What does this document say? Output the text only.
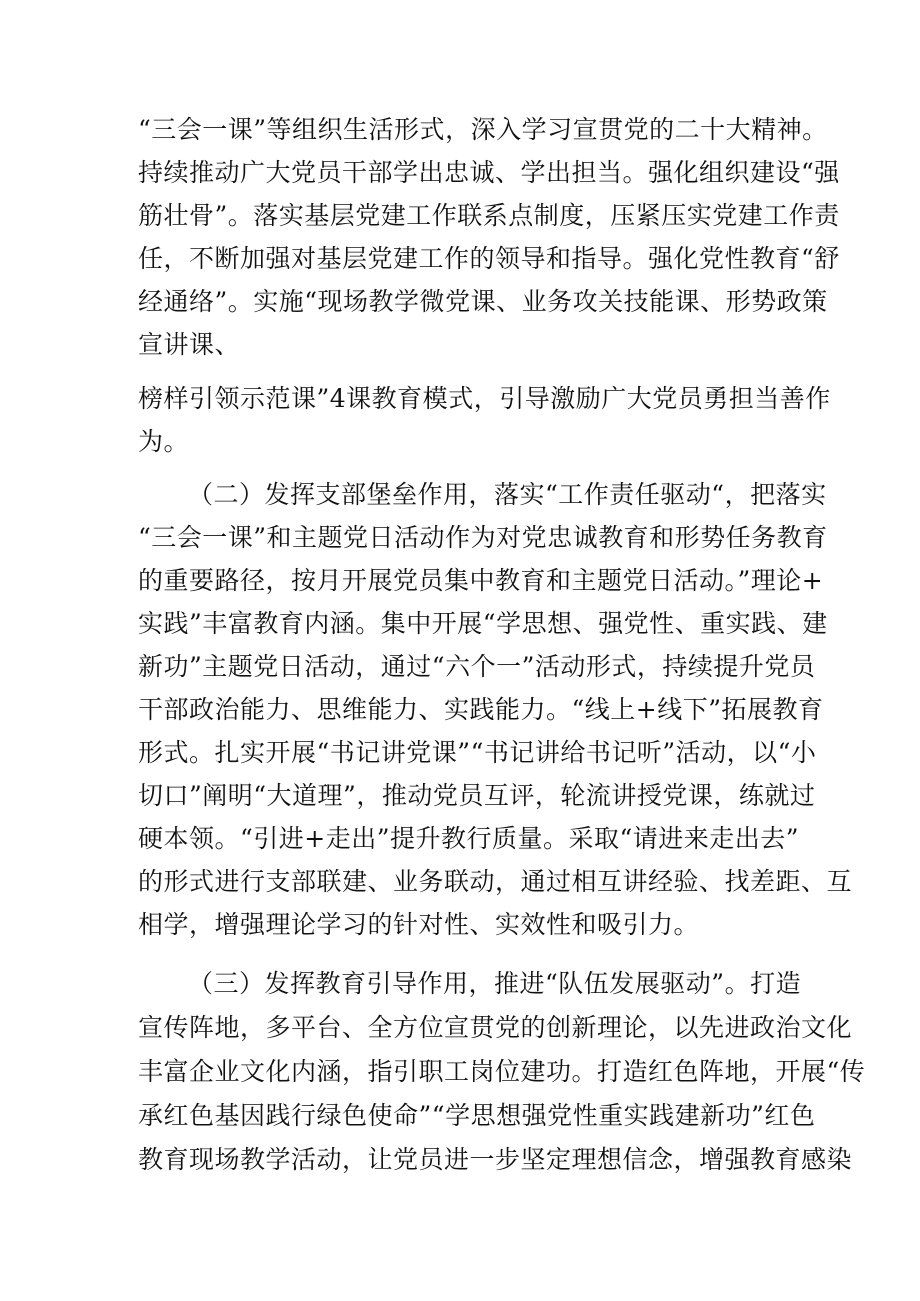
“三会一课”等组织生活形式，深入学习宣贯党的二十大精神。
持续推动广大党员干部学出忠诚、学出担当。强化组织建设“强
筋壮骨”。落实基层党建工作联系点制度，压紧压实党建工作责
任，不断加强对基层党建工作的领导和指导。强化党性教育“舒
经通络”。实施“现场教学微党课、业务攻关技能课、形势政策
宣讲课、
榜样引领示范课”4课教育模式，引导激励广大党员勇担当善作
为。
（二）发挥支部堡垒作用，落实“工作责任驱动“，把落实
“三会一课”和主题党日活动作为对党忠诚教育和形势任务教育
的重要路径，按月开展党员集中教育和主题党日活动。”理论+
实践”丰富教育内涵。集中开展“学思想、强党性、重实践、建
新功”主题党日活动，通过“六个一”活动形式，持续提升党员
干部政治能力、思维能力、实践能力。“线上+线下”拓展教育
形式。扎实开展“书记讲党课”“书记讲给书记听”活动，以“小
切口”阐明“大道理”，推动党员互评，轮流讲授党课，练就过
硬本领。“引进+走出”提升教行质量。采取“请进来走出去”
的形式进行支部联建、业务联动，通过相互讲经验、找差距、互
相学，增强理论学习的针对性、实效性和吸引力。
（三）发挥教育引导作用，推进“队伍发展驱动”。打造
宣传阵地，多平台、全方位宣贯党的创新理论，以先进政治文化
丰富企业文化内涵，指引职工岗位建功。打造红色阵地，开展“传
承红色基因践行绿色使命”“学思想强党性重实践建新功”红色
教育现场教学活动，让党员进一步坚定理想信念，增强教育感染
